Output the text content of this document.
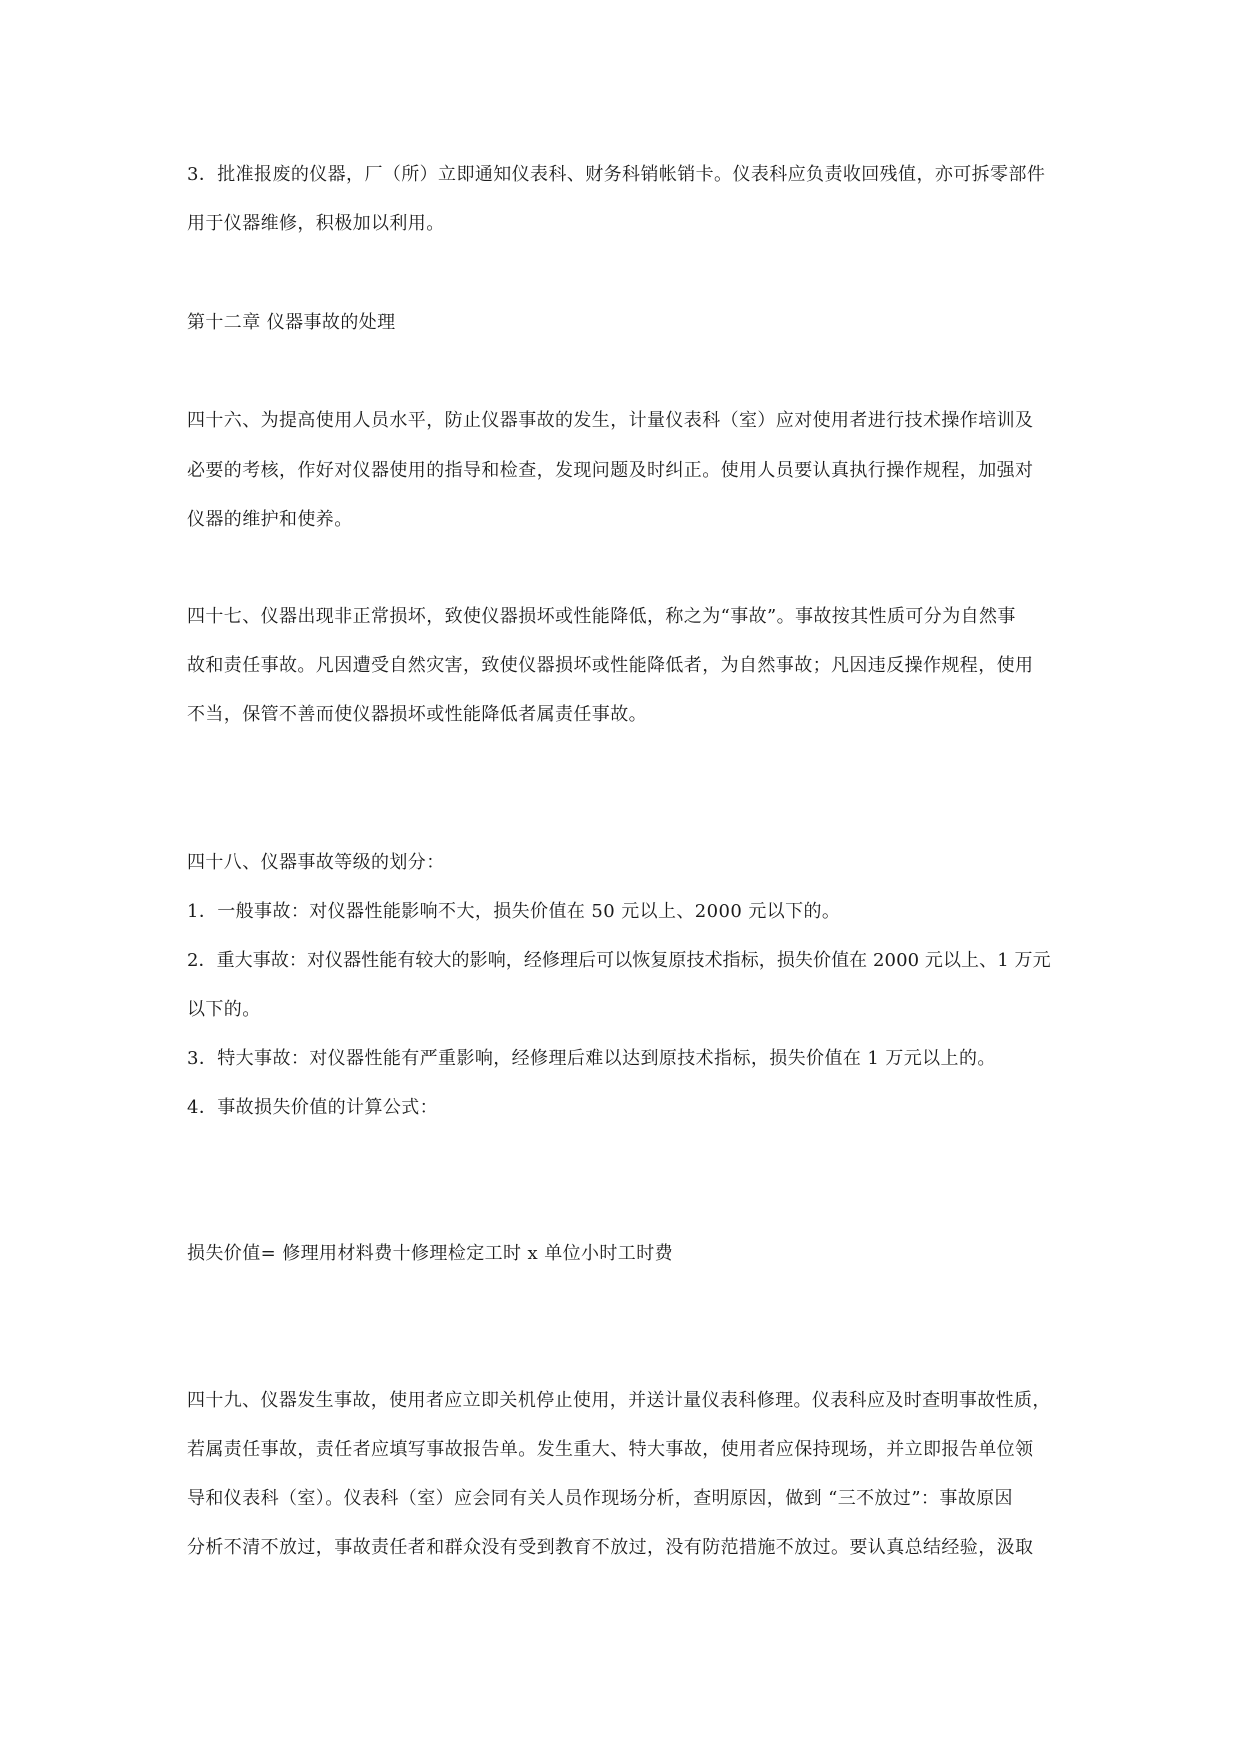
3．批准报废的仪器，厂（所）立即通知仪表科、财务科销帐销卡。仪表科应负责收回残值，亦可拆零部件
用于仪器维修，积极加以利用。
第十二章 仪器事故的处理
四十六、为提高使用人员水平，防止仪器事故的发生，计量仪表科（室）应对使用者进行技术操作培训及
必要的考核，作好对仪器使用的指导和检查，发现问题及时纠正。使用人员要认真执行操作规程，加强对
仪器的维护和使养。
四十七、仪器出现非正常损坏，致使仪器损坏或性能降低，称之为“事故”。事故按其性质可分为自然事
故和责任事故。凡因遭受自然灾害，致使仪器损坏或性能降低者，为自然事故；凡因违反操作规程，使用
不当，保管不善而使仪器损坏或性能降低者属责任事故。
四十八、仪器事故等级的划分：
1．一般事故：对仪器性能影响不大，损失价值在 50 元以上、2000 元以下的。
2．重大事故：对仪器性能有较大的影响，经修理后可以恢复原技术指标，损失价值在 2000 元以上、1 万元
以下的。
3．特大事故：对仪器性能有严重影响，经修理后难以达到原技术指标，损失价值在 1 万元以上的。
4．事故损失价值的计算公式：
损失价值= 修理用材料费十修理检定工时 x 单位小时工时费
四十九、仪器发生事故，使用者应立即关机停止使用，并送计量仪表科修理。仪表科应及时查明事故性质，
若属责任事故，责任者应填写事故报告单。发生重大、特大事故，使用者应保持现场，并立即报告单位领
导和仪表科（室）。仪表科（室）应会同有关人员作现场分析，查明原因，做到 “三不放过”：事故原因
分析不清不放过，事故责任者和群众没有受到教育不放过，没有防范措施不放过。要认真总结经验，汲取
